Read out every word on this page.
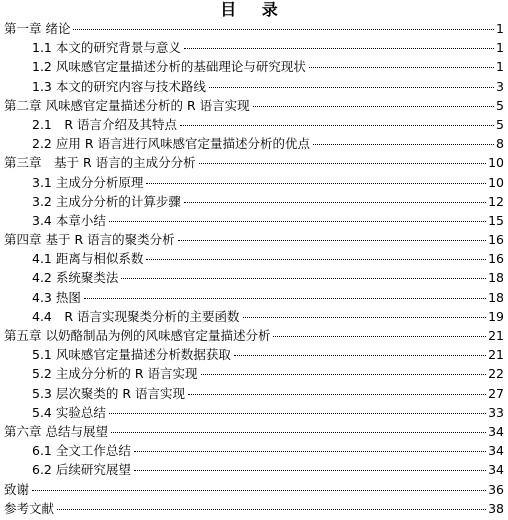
目 录
第一章 绪论	1
1.1 本文的研究背景与意义	1
1.2 风味感官定量描述分析的基础理论与研究现状	1
1.3 本文的研究内容与技术路线	3
第二章 风味感官定量描述分析的 R 语言实现	5
2.1　R 语言介绍及其特点	5
2.2 应用 R 语言进行风味感官定量描述分析的优点	8
第三章　基于 R 语言的主成分分析	10
3.1 主成分分析原理	10
3.2 主成分分析的计算步骤	12
3.4 本章小结	15
第四章 基于 R 语言的聚类分析	16
4.1 距离与相似系数	16
4.2 系统聚类法	18
4.3 热图	18
4.4　R 语言实现聚类分析的主要函数	19
第五章 以奶酪制品为例的风味感官定量描述分析	21
5.1 风味感官定量描述分析数据获取	21
5.2 主成分分析的 R 语言实现	22
5.3 层次聚类的 R 语言实现	27
5.4 实验总结	33
第六章 总结与展望	34
6.1 全文工作总结	34
6.2 后续研究展望	34
致谢	36
参考文献	38
